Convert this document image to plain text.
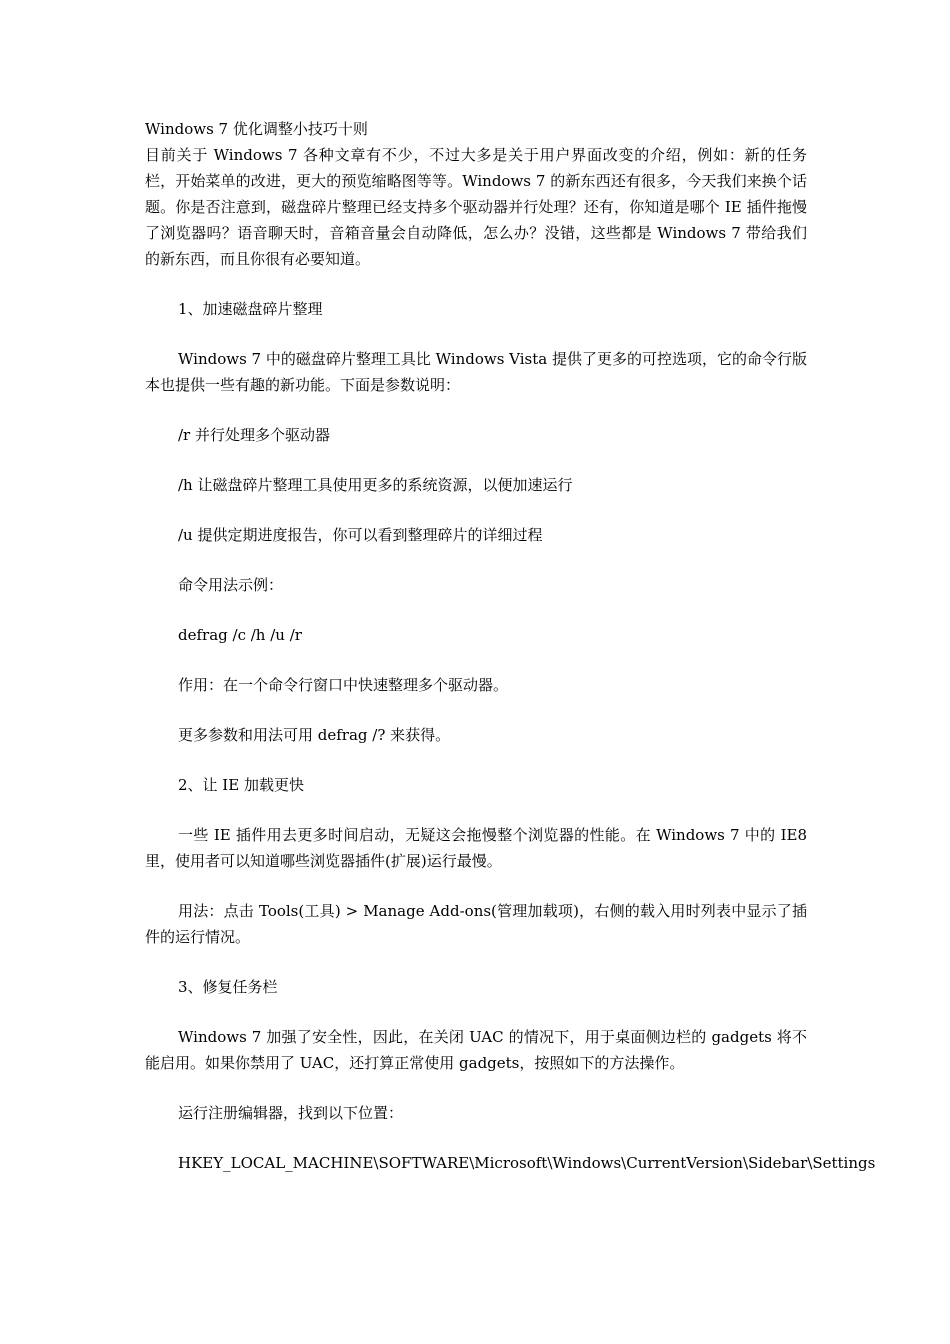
Windows 7 优化调整小技巧十则

目前关于 Windows 7 各种文章有不少，不过大多是关于用户界面改变的介绍，例如：新的任务栏，开始菜单的改进，更大的预览缩略图等等。Windows 7 的新东西还有很多，今天我们来换个话题。你是否注意到，磁盘碎片整理已经支持多个驱动器并行处理？还有，你知道是哪个 IE 插件拖慢了浏览器吗？语音聊天时，音箱音量会自动降低，怎么办？没错，这些都是 Windows 7 带给我们的新东西，而且你很有必要知道。

1、加速磁盘碎片整理

Windows 7 中的磁盘碎片整理工具比 Windows Vista 提供了更多的可控选项，它的命令行版本也提供一些有趣的新功能。下面是参数说明：

/r 并行处理多个驱动器

/h 让磁盘碎片整理工具使用更多的系统资源，以便加速运行

/u 提供定期进度报告，你可以看到整理碎片的详细过程

命令用法示例：

defrag /c /h /u /r

作用：在一个命令行窗口中快速整理多个驱动器。

更多参数和用法可用 defrag /? 来获得。

2、让 IE 加载更快

一些 IE 插件用去更多时间启动，无疑这会拖慢整个浏览器的性能。在 Windows 7 中的 IE8 里，使用者可以知道哪些浏览器插件(扩展)运行最慢。

用法：点击 Tools(工具) > Manage Add-ons(管理加载项)，右侧的载入用时列表中显示了插件的运行情况。

3、修复任务栏

Windows 7 加强了安全性，因此，在关闭 UAC 的情况下，用于桌面侧边栏的 gadgets 将不能启用。如果你禁用了 UAC，还打算正常使用 gadgets，按照如下的方法操作。

运行注册编辑器，找到以下位置：

HKEY_LOCAL_MACHINE\SOFTWARE\Microsoft\Windows\CurrentVersion\Sidebar\Settings
